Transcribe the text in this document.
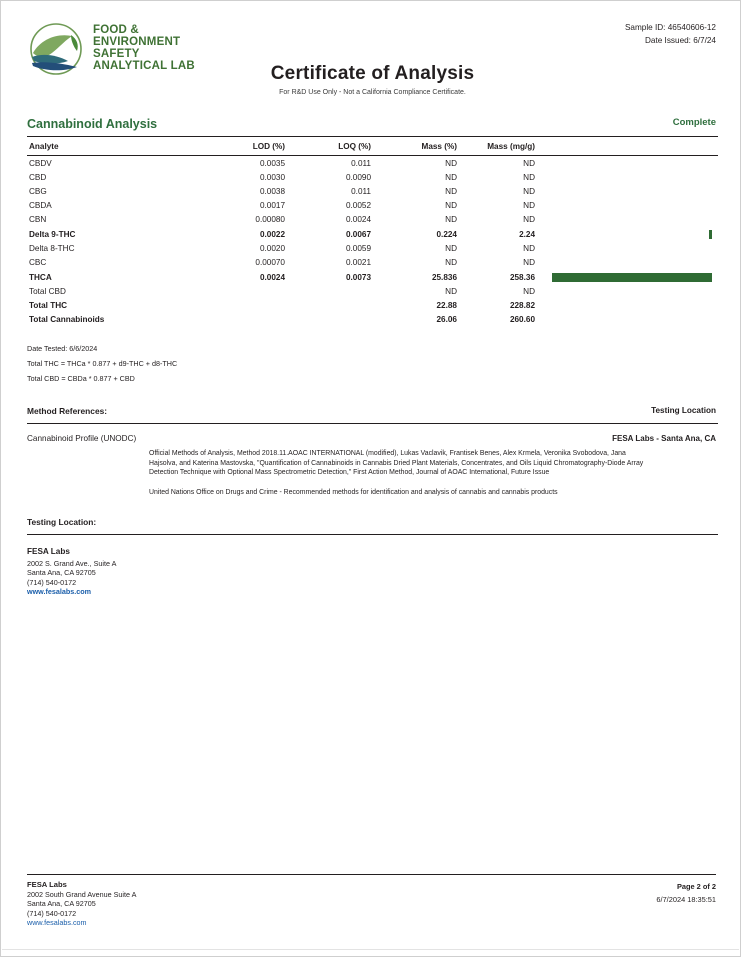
FOOD &
ENVIRONMENT
SAFETY
ANALYTICAL LAB
Sample ID: 46540606-12
Date Issued: 6/7/24
Certificate of Analysis
For R&D Use Only - Not a California Compliance Certificate.
Cannabinoid Analysis	Complete
Analyte	LOD (%)	LOQ (%)	Mass (%)	Mass (mg/g)	
CBDV	0.0035	0.011	ND	ND	
CBD	0.0030	0.0090	ND	ND	
CBG	0.0038	0.011	ND	ND	
CBDA	0.0017	0.0052	ND	ND	
CBN	0.00080	0.0024	ND	ND	
Delta 9-THC	0.0022	0.0067	0.224	2.24	
Delta 8-THC	0.0020	0.0059	ND	ND	
CBC	0.00070	0.0021	ND	ND	
THCA	0.0024	0.0073	25.836	258.36	
Total CBD			ND	ND	
Total THC			22.88	228.82	
Total Cannabinoids			26.06	260.60	
Date Tested: 6/6/2024
Total THC = THCa * 0.877 + d9-THC + d8-THC
Total CBD = CBDa * 0.877 + CBD
Method References:	Testing Location
Cannabinoid Profile (UNODC)	FESA Labs - Santa Ana, CA
Official Methods of Analysis, Method 2018.11.AOAC INTERNATIONAL (modified), Lukas Vaclavik, Frantisek Benes, Alex Krmela, Veronika Svobodova, Jana Hajsolva, and Katerina Mastovska, "Quantification of Cannabinoids in Cannabis Dried Plant Materials, Concentrates, and Oils Liquid Chromatography-Diode Array Detection Technique with Optional Mass Spectrometric Detection," First Action Method, Journal of AOAC International, Future Issue
United Nations Office on Drugs and Crime - Recommended methods for identification and analysis of cannabis and cannabis products
Testing Location:
FESA Labs
2002 S. Grand Ave., Suite A
Santa Ana, CA 92705
(714) 540-0172
www.fesalabs.com
FESA Labs
2002 South Grand Avenue Suite A
Santa Ana, CA 92705
(714) 540-0172
www.fesalabs.com
Page 2 of 2
6/7/2024 18:35:51
